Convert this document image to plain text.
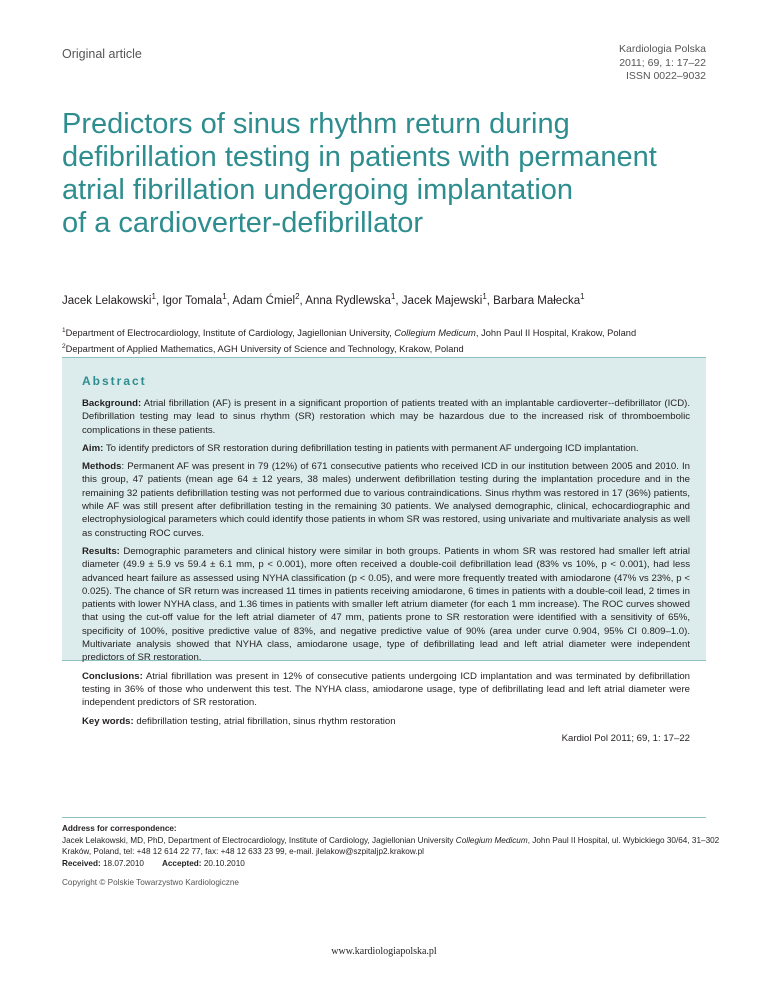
Original article	Kardiologia Polska
2011; 69, 1: 17–22
ISSN 0022–9032
Predictors of sinus rhythm return during
defibrillation testing in patients with permanent
atrial fibrillation undergoing implantation
of a cardioverter-defibrillator
Jacek Lelakowski$^1$, Igor Tomala$^1$, Adam Ćmiel$^2$, Anna Rydlewska$^1$, Jacek Majewski$^1$, Barbara Małecka$^1$
$^1$Department of Electrocardiology, Institute of Cardiology, Jagiellonian University, Collegium Medicum, John Paul II Hospital, Krakow, Poland
$^2$Department of Applied Mathematics, AGH University of Science and Technology, Krakow, Poland
Abstract

Background: Atrial fibrillation (AF) is present in a significant proportion of patients treated with an implantable cardioverter--defibrillator (ICD). Defibrillation testing may lead to sinus rhythm (SR) restoration which may be hazardous due to the increased risk of thromboembolic complications in these patients.

Aim: To identify predictors of SR restoration during defibrillation testing in patients with permanent AF undergoing ICD implantation.

Methods: Permanent AF was present in 79 (12%) of 671 consecutive patients who received ICD in our institution between 2005 and 2010. In this group, 47 patients (mean age 64 ± 12 years, 38 males) underwent defibrillation testing during the implantation procedure and in the remaining 32 patients defibrillation testing was not performed due to various contraindications. Sinus rhythm was restored in 17 (36%) patients, while AF was still present after defibrillation testing in the remaining 30 patients. We analysed demographic, clinical, echocardiographic and electrophysiological parameters which could identify those patients in whom SR was restored, using univariate and multivariate analysis as well as constructing ROC curves.

Results: Demographic parameters and clinical history were similar in both groups. Patients in whom SR was restored had smaller left atrial diameter (49.9 ± 5.9 vs 59.4 ± 6.1 mm, p < 0.001), more often received a double-coil defibrillation lead (83% vs 10%, p < 0.001), had less advanced heart failure as assessed using NYHA classification (p < 0.05), and were more frequently treated with amiodarone (47% vs 23%, p < 0.025). The chance of SR return was increased 11 times in patients receiving amiodarone, 6 times in patients with a double-coil lead, 2 times in patients with lower NYHA class, and 1.36 times in patients with smaller left atrium diameter (for each 1 mm increase). The ROC curves showed that using the cut-off value for the left atrial diameter of 47 mm, patients prone to SR restoration were identified with a sensitivity of 65%, specificity of 100%, positive predictive value of 83%, and negative predictive value of 90% (area under curve 0.904, 95% CI 0.809–1.0). Multivariate analysis showed that NYHA class, amiodarone usage, type of defibrillating lead and left atrial diameter were independent predictors of SR restoration.

Conclusions: Atrial fibrillation was present in 12% of consecutive patients undergoing ICD implantation and was terminated by defibrillation testing in 36% of those who underwent this test. The NYHA class, amiodarone usage, type of defibrillating lead and left atrial diameter were independent predictors of SR restoration.

Key words: defibrillation testing, atrial fibrillation, sinus rhythm restoration

Kardiol Pol 2011; 69, 1: 17–22
Address for correspondence:
Jacek Lelakowski, MD, PhD, Department of Electrocardiology, Institute of Cardiology, Jagiellonian University Collegium Medicum, John Paul II Hospital, ul. Wybickiego 30/64, 31–302 Kraków, Poland, tel: +48 12 614 22 77, fax: +48 12 633 23 99, e-mail. jlelakow@szpitaljp2.krakow.pl
Received: 18.07.2010 Accepted: 20.10.2010
Copyright © Polskie Towarzystwo Kardiologiczne
www.kardiologiapolska.pl
